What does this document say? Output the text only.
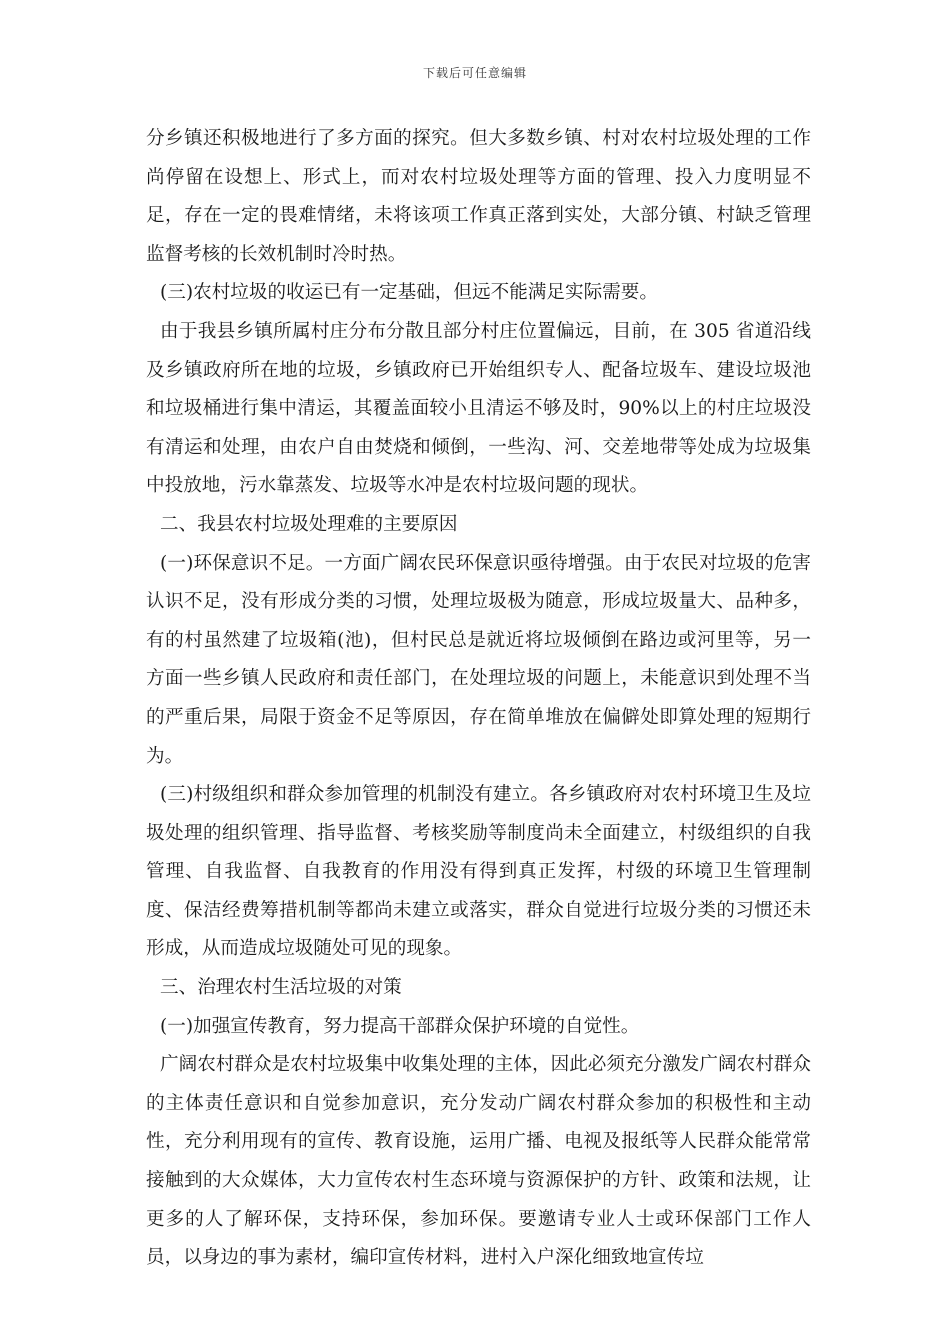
下载后可任意编辑

分乡镇还积极地进行了多方面的探究。但大多数乡镇、村对农村垃圾处理的工作尚停留在设想上、形式上，而对农村垃圾处理等方面的管理、投入力度明显不足，存在一定的畏难情绪，未将该项工作真正落到实处，大部分镇、村缺乏管理监督考核的长效机制时冷时热。

(三)农村垃圾的收运已有一定基础，但远不能满足实际需要。

由于我县乡镇所属村庄分布分散且部分村庄位置偏远，目前，在 305 省道沿线及乡镇政府所在地的垃圾，乡镇政府已开始组织专人、配备垃圾车、建设垃圾池和垃圾桶进行集中清运，其覆盖面较小且清运不够及时，90%以上的村庄垃圾没有清运和处理，由农户自由焚烧和倾倒，一些沟、河、交差地带等处成为垃圾集中投放地，污水靠蒸发、垃圾等水冲是农村垃圾问题的现状。

二、我县农村垃圾处理难的主要原因

(一)环保意识不足。一方面广阔农民环保意识亟待增强。由于农民对垃圾的危害认识不足，没有形成分类的习惯，处理垃圾极为随意，形成垃圾量大、品种多，有的村虽然建了垃圾箱(池)，但村民总是就近将垃圾倾倒在路边或河里等，另一方面一些乡镇人民政府和责任部门，在处理垃圾的问题上，未能意识到处理不当的严重后果，局限于资金不足等原因，存在简单堆放在偏僻处即算处理的短期行为。

(三)村级组织和群众参加管理的机制没有建立。各乡镇政府对农村环境卫生及垃圾处理的组织管理、指导监督、考核奖励等制度尚未全面建立，村级组织的自我管理、自我监督、自我教育的作用没有得到真正发挥，村级的环境卫生管理制度、保洁经费筹措机制等都尚未建立或落实，群众自觉进行垃圾分类的习惯还未形成，从而造成垃圾随处可见的现象。

三、治理农村生活垃圾的对策

(一)加强宣传教育，努力提高干部群众保护环境的自觉性。

广阔农村群众是农村垃圾集中收集处理的主体，因此必须充分激发广阔农村群众的主体责任意识和自觉参加意识，充分发动广阔农村群众参加的积极性和主动性，充分利用现有的宣传、教育设施，运用广播、电视及报纸等人民群众能常常接触到的大众媒体，大力宣传农村生态环境与资源保护的方针、政策和法规，让更多的人了解环保，支持环保，参加环保。要邀请专业人士或环保部门工作人员，以身边的事为素材，编印宣传材料，进村入户深化细致地宣传垃
